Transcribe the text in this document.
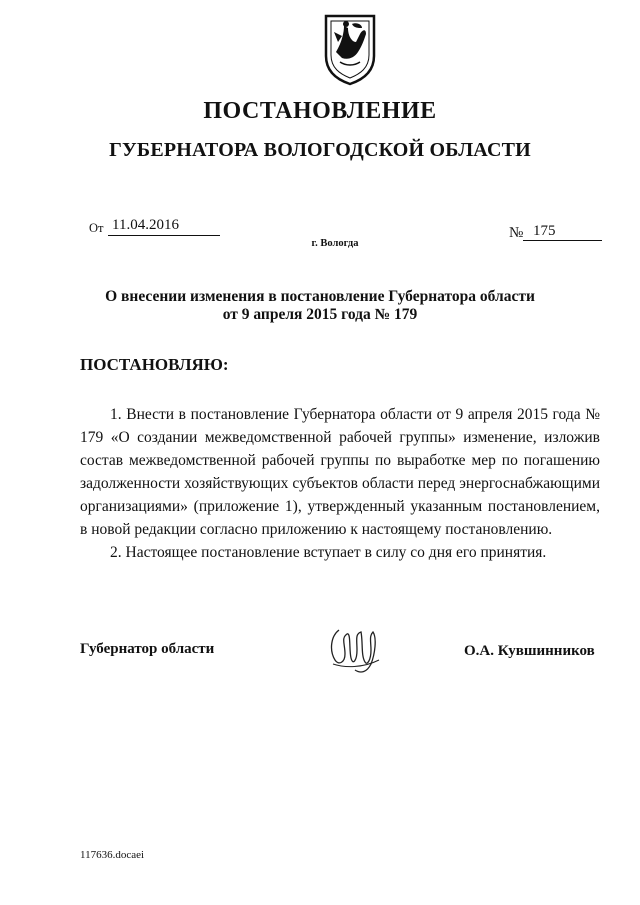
ПОСТАНОВЛЕНИЕ
ГУБЕРНАТОРА ВОЛОГОДСКОЙ ОБЛАСТИ
От 11.04.2016	№ 175
г. Вологда
О внесении изменения в постановление Губернатора области
от 9 апреля 2015 года № 179
ПОСТАНОВЛЯЮ:

1. Внести в постановление Губернатора области от 9 апреля 2015 года № 179 «О создании межведомственной рабочей группы» изменение, изложив состав межведомственной рабочей группы по выработке мер по погашению задолженности хозяйствующих субъектов области перед энергоснабжающими организациями» (приложение 1), утвержденный указанным постановлением, в новой редакции согласно приложению к настоящему постановлению.

2. Настоящее постановление вступает в силу со дня его принятия.

Губернатор области	О.А. Кувшинников
117636.docaei
